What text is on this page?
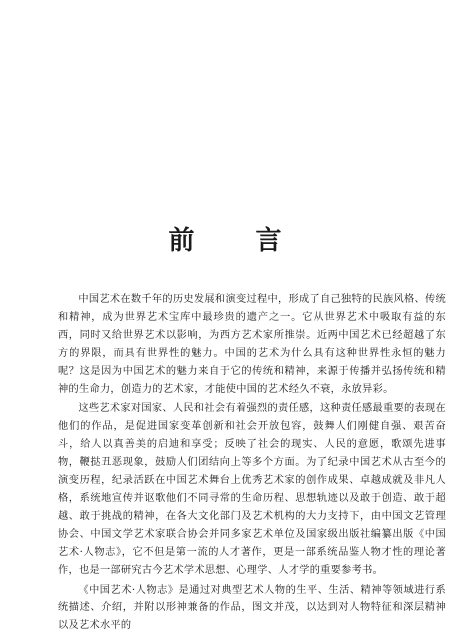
前 言

中国艺术在数千年的历史发展和演变过程中，形成了自己独特的民族风格、传统和精神，成为世界艺术宝库中最珍贵的遗产之一。它从世界艺术中吸取有益的东西，同时又给世界艺术以影响，为西方艺术家所推崇。近两中国艺术已经超越了东方的界限，而具有世界性的魅力。中国的艺术为什么具有这种世界性永恒的魅力呢？这是因为中国艺术的魅力来自于它的传统和精神，来源于传播并弘扬传统和精神的生命力，创造力的艺术家，才能使中国的艺术经久不衰，永放异彩。

这些艺术家对国家、人民和社会有着强烈的责任感，这种责任感最重要的表现在他们的作品，是促进国家变革创新和社会开放包容，鼓舞人们刚健自强、艰苦奋斗，给人以真善美的启迪和享受；反映了社会的现实、人民的意愿，歌颂先进事物，鞭挞丑恶现象，鼓励人们团结向上等多个方面。为了纪录中国艺术从古至今的演变历程，纪录活跃在中国艺术舞台上优秀艺术家的创作成果、卓越成就及非凡人格，系统地宣传并讴歌他们不同寻常的生命历程、思想轨迹以及敢于创造、敢于超越、敢于挑战的精神，在各大文化部门及艺术机构的大力支持下，由中国文艺管理协会、中国文学艺术家联合协会并同多家艺术单位及国家级出版社编纂出版《中国艺术·人物志》，它不但是第一流的人才著作，更是一部系统品鉴人物才性的理论著作，也是一部研究古今艺术学术思想、心理学、人才学的重要参考书。

《中国艺术·人物志》是通过对典型艺术人物的生平、生活、精神等领域进行系统描述、介绍，并附以形神兼备的作品，图文并茂，以达到对人物特征和深层精神以及艺术水平的
